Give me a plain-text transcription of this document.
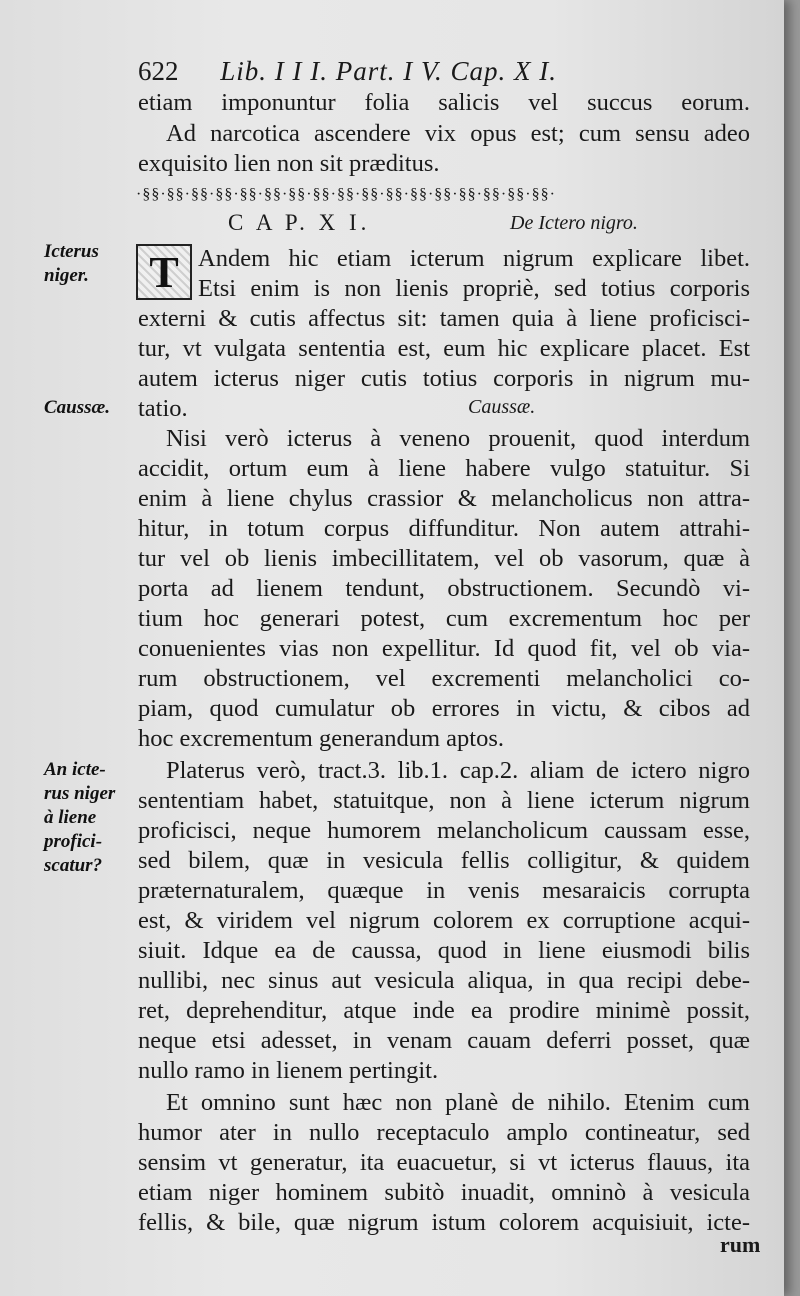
622 Lib. I I I. Part. I V. Cap. X I.
etiam imponuntur folia salicis vel succus eorum.
Ad narcotica ascendere vix opus est; cum sensu adeo
exquisito lien non sit præditus.
·§§·§§·§§·§§·§§·§§·§§·§§·§§·§§·§§·§§·§§·§§·§§·§§·§§·
C A P. X I.	De Ictero nigro.
T
Icterus
niger.
Andem hic etiam icterum nigrum explicare libet.
Etsi enim is non lienis propriè, sed totius corporis
externi & cutis affectus sit: tamen quia à liene proficisci-
tur, vt vulgata sententia est, eum hic explicare placet. Est
autem icterus niger cutis totius corporis in nigrum mu-
tatio.
Caussæ.	Caussæ.
Nisi verò icterus à veneno prouenit, quod interdum
accidit, ortum eum à liene habere vulgo statuitur. Si
enim à liene chylus crassior & melancholicus non attra-
hitur, in totum corpus diffunditur. Non autem attrahi-
tur vel ob lienis imbecillitatem, vel ob vasorum, quæ à
porta ad lienem tendunt, obstructionem. Secundò vi-
tium hoc generari potest, cum excrementum hoc per
conuenientes vias non expellitur. Id quod fit, vel ob via-
rum obstructionem, vel excrementi melancholici co-
piam, quod cumulatur ob errores in victu, & cibos ad
hoc excrementum generandum aptos.
An icte-
rus niger
à liene
profici-
scatur?
Platerus verò, tract.3. lib.1. cap.2. aliam de ictero nigro
sententiam habet, statuitque, non à liene icterum nigrum
proficisci, neque humorem melancholicum caussam esse,
sed bilem, quæ in vesicula fellis colligitur, & quidem
præternaturalem, quæque in venis mesaraicis corrupta
est, & viridem vel nigrum colorem ex corruptione acqui-
siuit. Idque ea de caussa, quod in liene eiusmodi bilis
nullibi, nec sinus aut vesicula aliqua, in qua recipi debe-
ret, deprehenditur, atque inde ea prodire minimè possit,
neque etsi adesset, in venam cauam deferri posset, quæ
nullo ramo in lienem pertingit.
Et omnino sunt hæc non planè de nihilo. Etenim cum
humor ater in nullo receptaculo amplo contineatur, sed
sensim vt generatur, ita euacuetur, si vt icterus flauus, ita
etiam niger hominem subitò inuadit, omninò à vesicula
fellis, & bile, quæ nigrum istum colorem acquisiuit, icte-
rum
